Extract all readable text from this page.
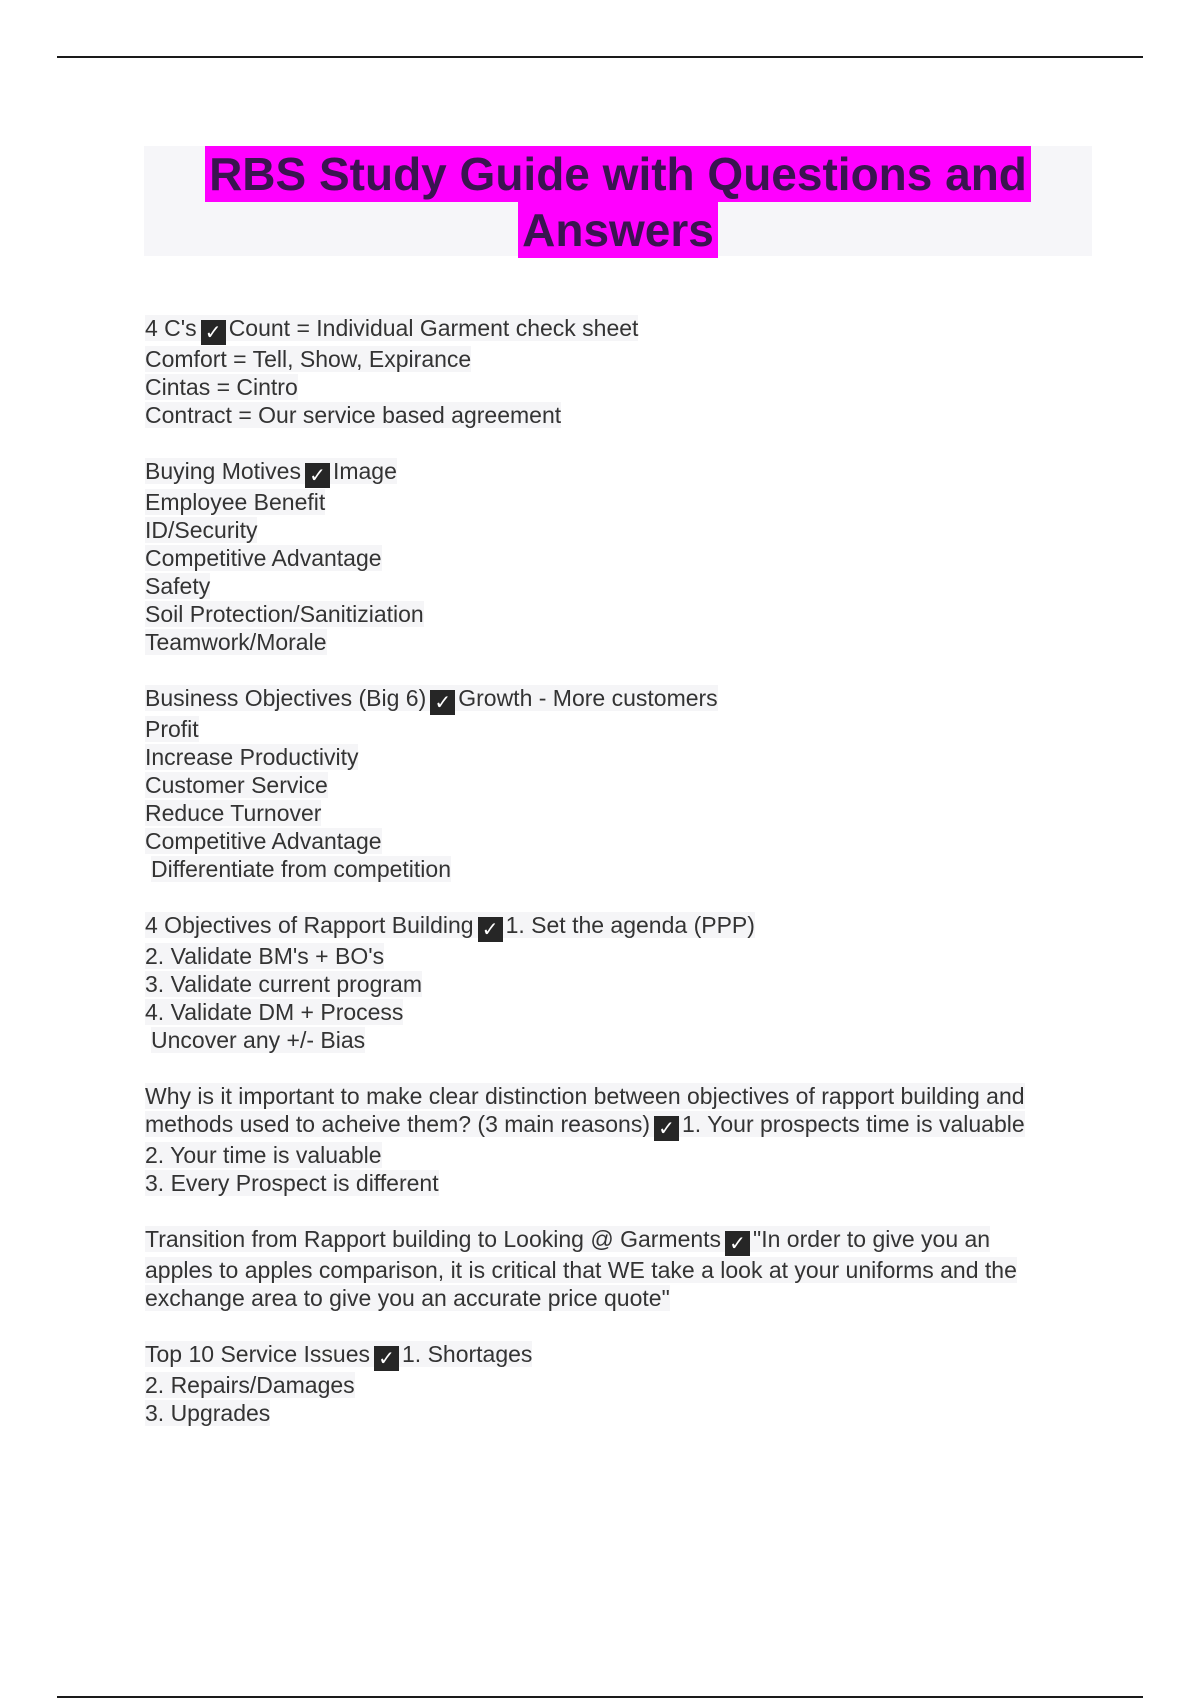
RBS Study Guide with Questions and
Answers
4 C's ✓ Count = Individual Garment check sheet
Comfort = Tell, Show, Expirance
Cintas = Cintro
Contract = Our service based agreement
Buying Motives ✓ Image
Employee Benefit
ID/Security
Competitive Advantage
Safety
Soil Protection/Sanitiziation
Teamwork/Morale
Business Objectives (Big 6) ✓ Growth - More customers
Profit
Increase Productivity
Customer Service
Reduce Turnover
Competitive Advantage
Differentiate from competition
4 Objectives of Rapport Building ✓ 1. Set the agenda (PPP)
2. Validate BM's + BO's
3. Validate current program
4. Validate DM + Process
Uncover any +/- Bias
Why is it important to make clear distinction between objectives of rapport building and
methods used to acheive them? (3 main reasons) ✓ 1. Your prospects time is valuable
2. Your time is valuable
3. Every Prospect is different
Transition from Rapport building to Looking @ Garments ✓ "In order to give you an
apples to apples comparison, it is critical that WE take a look at your uniforms and the
exchange area to give you an accurate price quote"
Top 10 Service Issues ✓ 1. Shortages
2. Repairs/Damages
3. Upgrades
